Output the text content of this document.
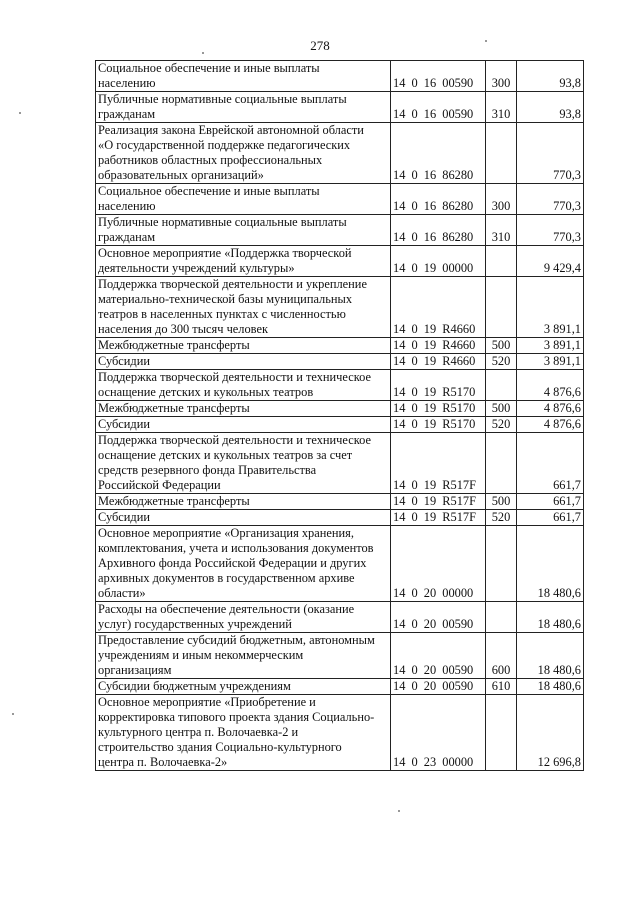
278
Социальное обеспечение и иные выплаты
населению	14 0 16 00590	300	93,8

Публичные нормативные социальные выплаты
гражданам	14 0 16 00590	310	93,8

Реализация закона Еврейской автономной области
«О государственной поддержке педагогических
работников областных профессиональных
образовательных организаций»	14 0 16 86280		770,3

Социальное обеспечение и иные выплаты
населению	14 0 16 86280	300	770,3

Публичные нормативные социальные выплаты
гражданам	14 0 16 86280	310	770,3

Основное мероприятие «Поддержка творческой
деятельности учреждений культуры»	14 0 19 00000		9 429,4

Поддержка творческой деятельности и укрепление
материально-технической базы муниципальных
театров в населенных пунктах с численностью
населения до 300 тысяч человек	14 0 19 R4660		3 891,1

Межбюджетные трансферты	14 0 19 R4660	500	3 891,1

Субсидии	14 0 19 R4660	520	3 891,1

Поддержка творческой деятельности и техническое
оснащение детских и кукольных театров	14 0 19 R5170		4 876,6

Межбюджетные трансферты	14 0 19 R5170	500	4 876,6

Субсидии	14 0 19 R5170	520	4 876,6

Поддержка творческой деятельности и техническое
оснащение детских и кукольных театров за счет
средств резервного фонда Правительства
Российской Федерации	14 0 19 R517F		661,7

Межбюджетные трансферты	14 0 19 R517F	500	661,7

Субсидии	14 0 19 R517F	520	661,7

Основное мероприятие «Организация хранения,
комплектования, учета и использования документов
Архивного фонда Российской Федерации и других
архивных документов в государственном архиве
области»	14 0 20 00000		18 480,6

Расходы на обеспечение деятельности (оказание
услуг) государственных учреждений	14 0 20 00590		18 480,6

Предоставление субсидий бюджетным, автономным
учреждениям и иным некоммерческим
организациям	14 0 20 00590	600	18 480,6

Субсидии бюджетным учреждениям	14 0 20 00590	610	18 480,6

Основное мероприятие «Приобретение и
корректировка типового проекта здания Социально-
культурного центра п. Волочаевка-2 и
строительство здания Социально-культурного
центра п. Волочаевка-2»	14 0 23 00000		12 696,8
